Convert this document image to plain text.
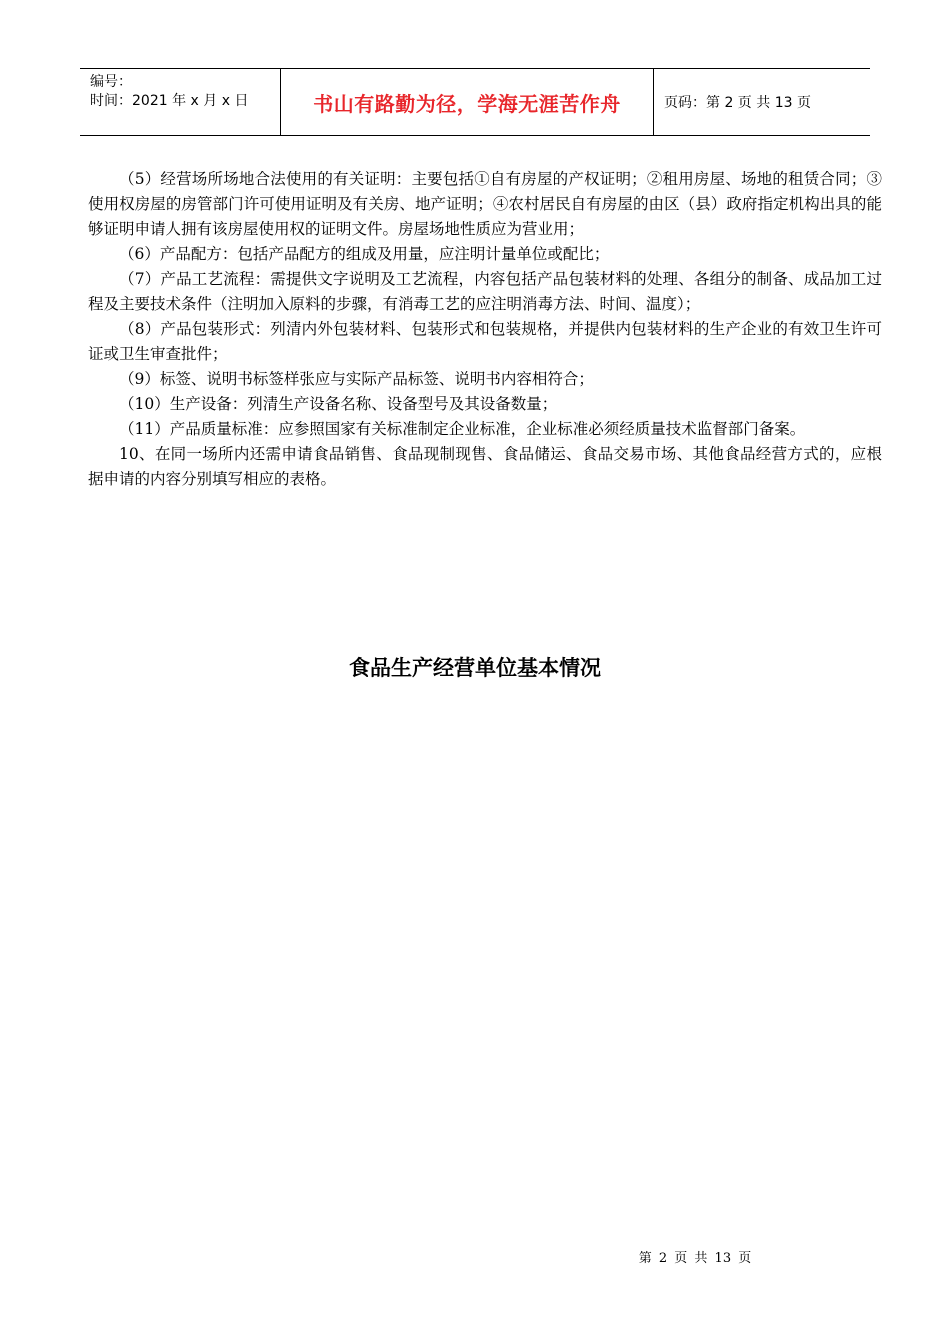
编号：
时间：2021 年 x 月 x 日	书山有路勤为径，学海无涯苦作舟	页码：第 2 页 共 13 页

（5）经营场所场地合法使用的有关证明：主要包括①自有房屋的产权证明；②租用房屋、场地的租赁合同；③使用权房屋的房管部门许可使用证明及有关房、地产证明；④农村居民自有房屋的由区（县）政府指定机构出具的能够证明申请人拥有该房屋使用权的证明文件。房屋场地性质应为营业用；

（6）产品配方：包括产品配方的组成及用量，应注明计量单位或配比；

（7）产品工艺流程：需提供文字说明及工艺流程，内容包括产品包装材料的处理、各组分的制备、成品加工过程及主要技术条件（注明加入原料的步骤，有消毒工艺的应注明消毒方法、时间、温度）；

（8）产品包装形式：列清内外包装材料、包装形式和包装规格，并提供内包装材料的生产企业的有效卫生许可证或卫生审查批件；

（9）标签、说明书标签样张应与实际产品标签、说明书内容相符合；

（10）生产设备：列清生产设备名称、设备型号及其设备数量；

（11）产品质量标准：应参照国家有关标准制定企业标准，企业标准必须经质量技术监督部门备案。

10、在同一场所内还需申请食品销售、食品现制现售、食品储运、食品交易市场、其他食品经营方式的，应根据申请的内容分别填写相应的表格。

食品生产经营单位基本情况
第 2 页 共 13 页
